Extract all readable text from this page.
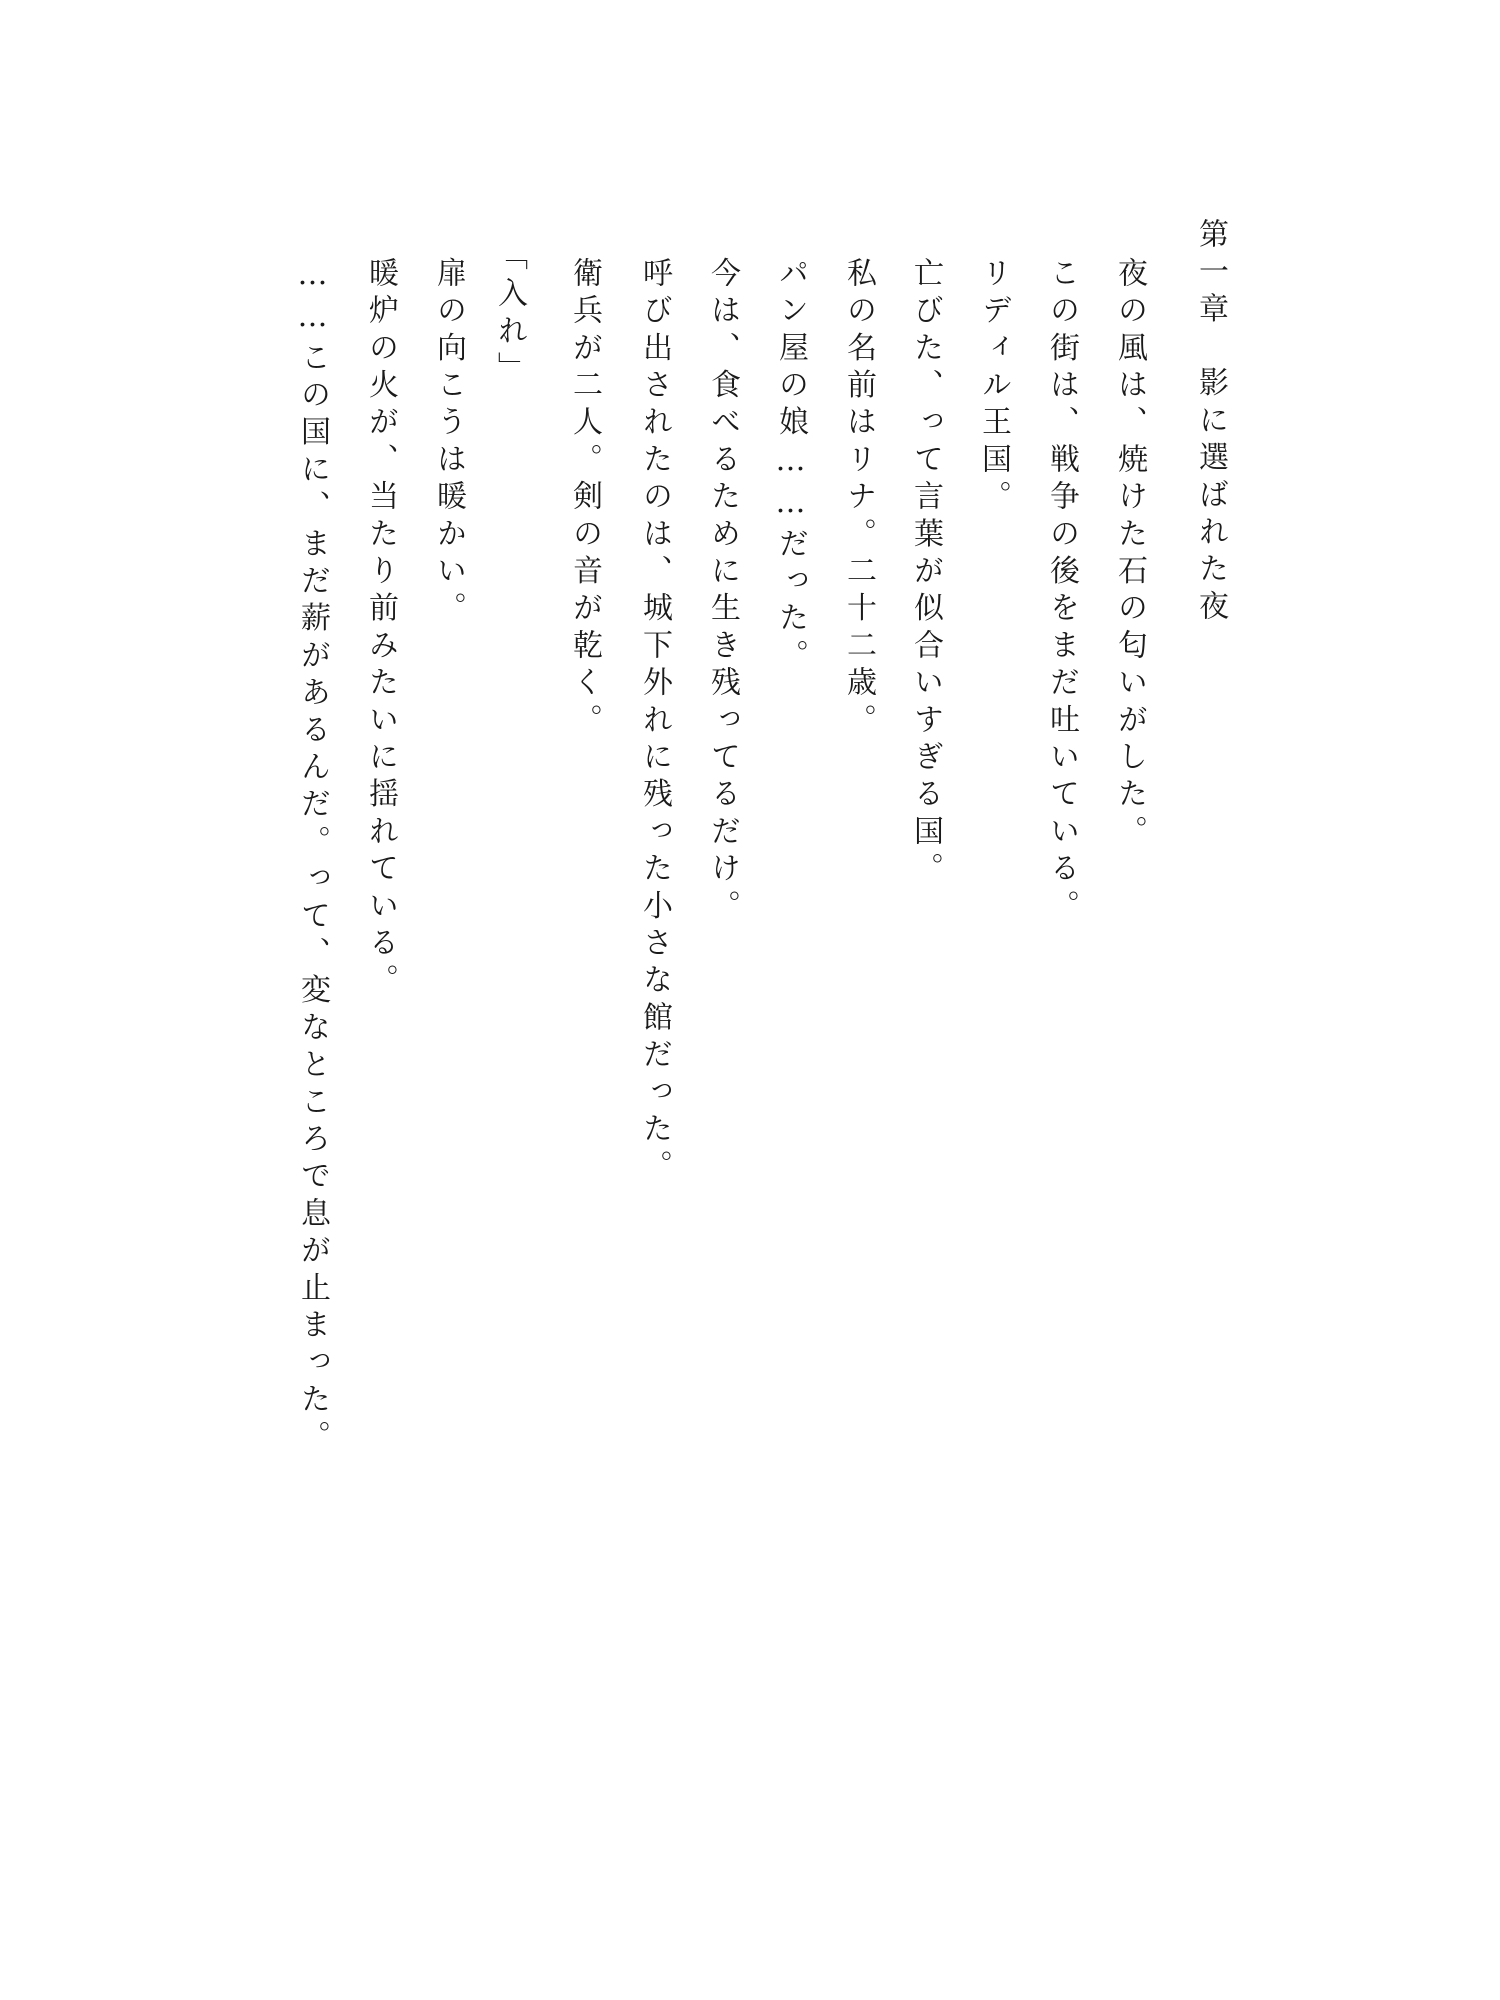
第一章　影に選ばれた夜
夜の風は、焼けた石の匂いがした。
この街は、戦争の後をまだ吐いている。
リディル王国。
亡びた、って言葉が似合いすぎる国。
私の名前はリナ。二十二歳。
パン屋の娘……だった。
今は、食べるために生き残ってるだけ。
呼び出されたのは、城下外れに残った小さな館だった。
衛兵が二人。剣の音が乾く。
「入れ」
扉の向こうは暖かい。
暖炉の火が、当たり前みたいに揺れている。
……この国に、まだ薪があるんだ。って、変なところで息が止まった。
